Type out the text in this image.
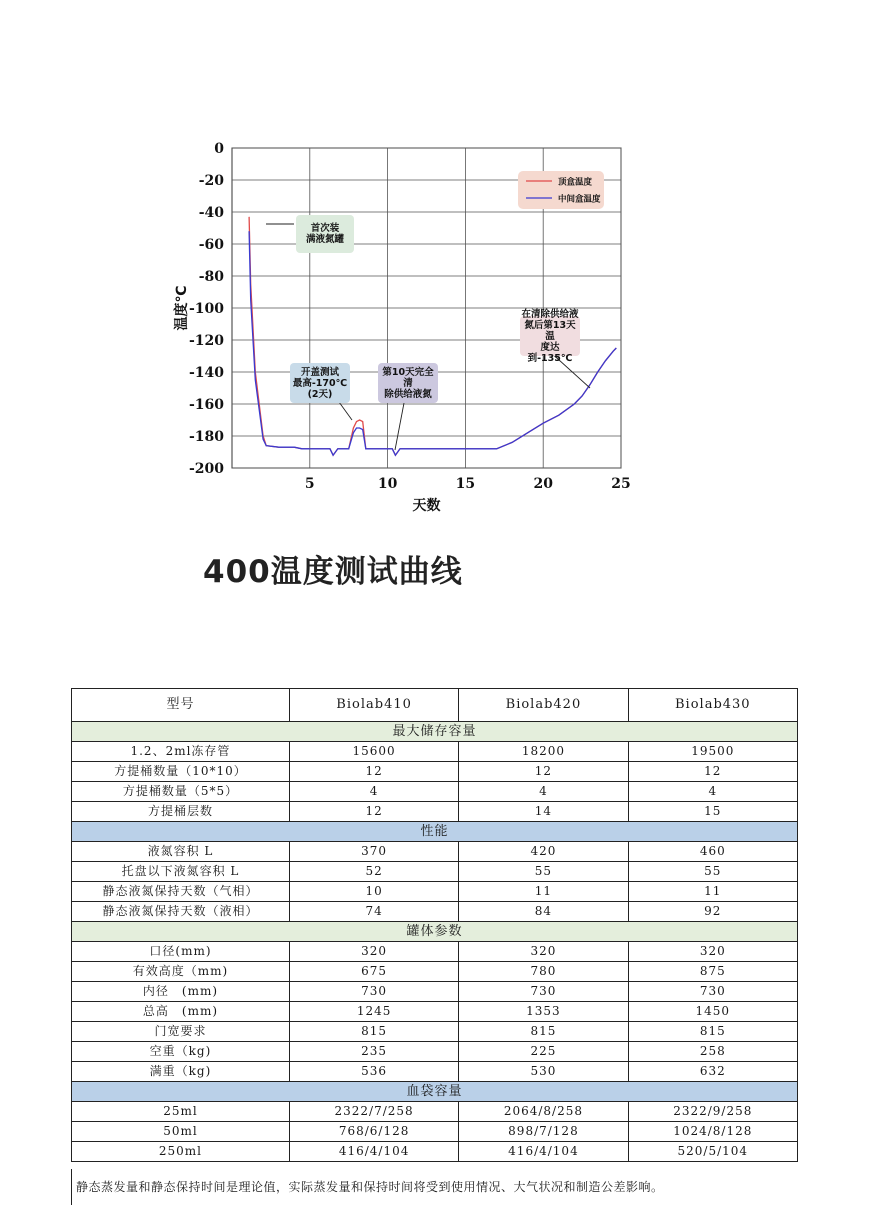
0
-20
-40
-60
-80
-100
-120
-140
-160
-180
-200
5	10	15	20	25
天数
温度℃
顶盒温度
中间盒温度
首次装
满液氮罐
开盖测试
最高-170℃
(2天)
第10天完全清
除供给液氮
在清除供给液
氮后第13天温
度达到-135℃
400温度测试曲线
型号	Biolab410	Biolab420	Biolab430
最大储存容量			
1.2、2ml冻存管	15600	18200	19500
方提桶数量（10*10）	12	12	12
方提桶数量（5*5）	4	4	4
方提桶层数	12	14	15
性能			
液氮容积 L	370	420	460
托盘以下液氮容积 L	52	55	55
静态液氮保持天数（气相）	10	11	11
静态液氮保持天数（液相）	74	84	92
罐体参数			
口径(mm)	320	320	320
有效高度（mm)	675	780	875
内径　(mm)	730	730	730
总高　(mm)	1245	1353	1450
门宽要求	815	815	815
空重（kg)	235	225	258
满重（kg)	536	530	632
血袋容量			
25ml	2322/7/258	2064/8/258	2322/9/258
50ml	768/6/128	898/7/128	1024/8/128
250ml	416/4/104	416/4/104	520/5/104
静态蒸发量和静态保持时间是理论值，实际蒸发量和保持时间将受到使用情况、大气状况和制造公差影响。
